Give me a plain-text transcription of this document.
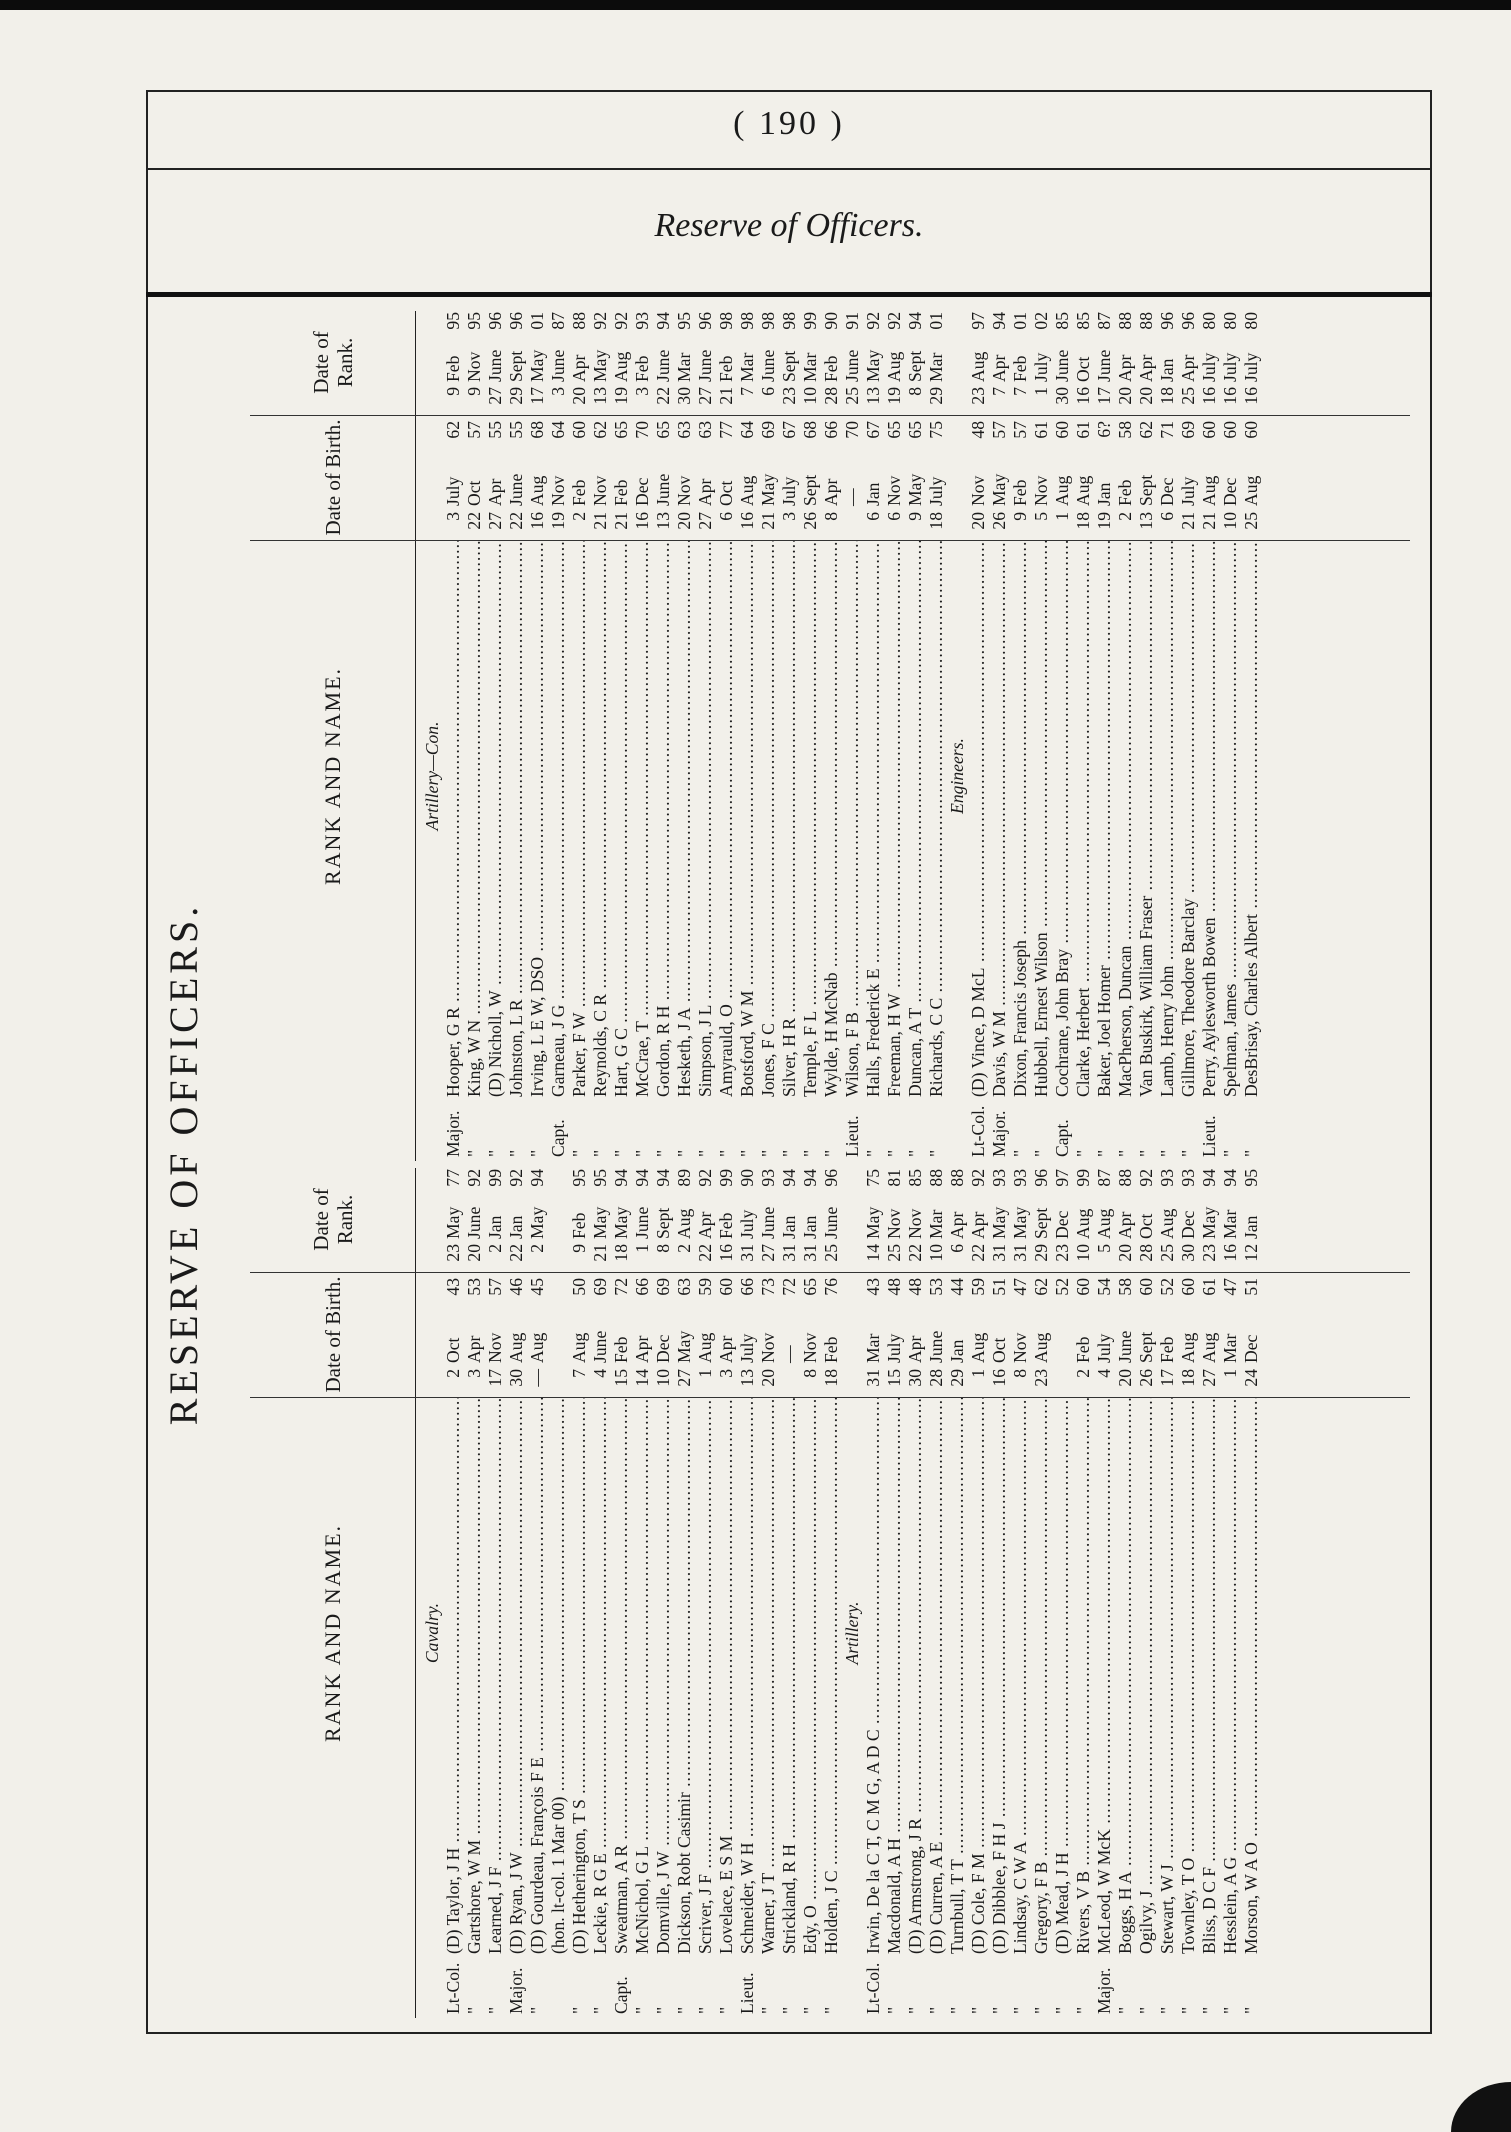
( 190 )
Reserve of Officers.
RESERVE OF OFFICERS.
RANK AND NAME.
Date of Birth.
Date of Rank.
Cavalry.
Lt-Col.
(D) Taylor, J H .....
2
Oct
43
23
May
77
"
Gartshore, W M .....
3
Apr
53
20
June
92
"
Learned, J F .....
17
Nov
57
2
Jan
99
Major.
(D) Ryan, J W .....
30
Aug
46
22
Jan
92
"
(D) Gourdeau, François F E .....
—
Aug
45
2
May
94
(hon. lt-col. 1 Mar 00) .....
"
(D) Hetherington, T S .....
7
Aug
50
9
Feb
95
"
Leckie, R G E .....
4
June
69
21
May
95
Capt.
Sweatman, A R .....
15
Feb
72
18
May
94
"
McNichol, G L .....
14
Apr
66
1
June
94
"
Domville, J W .....
10
Dec
69
8
Sept
94
"
Dickson, Robt Casimir .....
27
May
63
2
Aug
89
"
Scriver, J F .....
1
Aug
59
22
Apr
92
"
Lovelace, E S M .....
3
Apr
60
16
Feb
99
Lieut.
Schneider, W H .....
13
July
66
31
July
90
"
Warner, J T .....
20
Nov
73
27
June
93
"
Strickland, R H .....
—
72
31
Jan
94
"
Edy, O .....
8
Nov
65
31
Jan
94
"
Holden, J C .....
18
Feb
76
25
June
96
Artillery.
Lt-Col.
Irwin, De la C T, C M G, A D C .....
31
Mar
43
14
May
75
"
Macdonald, A H .....
15
July
48
25
Nov
81
"
(D) Armstrong, J R .....
30
Apr
48
22
Nov
85
"
(D) Curren, A E .....
28
June
53
10
Mar
88
"
Turnbull, T T .....
29
Jan
44
6
Apr
88
"
(D) Cole, F M .....
1
Aug
59
22
Apr
92
"
(D) Dibblee, F H J .....
16
Oct
51
31
May
93
"
Lindsay, C W A .....
8
Nov
47
31
May
93
"
Gregory, F B .....
23
Aug
62
29
Sept
96
"
(D) Mead, J H .....
52
23
Dec
97
"
Rivers, V B .....
2
Feb
60
10
Aug
99
Major.
McLeod, W McK .....
4
July
54
5
Aug
87
"
Boggs, H A .....
20
June
58
20
Apr
88
"
Ogilvy, J .....
26
Sept
60
28
Oct
92
"
Stewart, W J .....
17
Feb
52
25
Aug
93
"
Townley, T O .....
18
Aug
60
30
Dec
93
"
Bliss, D C F .....
27
Aug
61
23
May
94
"
Hesslein, A G .....
1
Mar
47
16
Mar
94
"
Morson, W A O .....
24
Dec
51
12
Jan
95
RANK AND NAME.
Date of Birth.
Date of Rank.
Artillery—Con.
Major.
Hooper, G R .....
3
July
62
9
Feb
95
"
King, W N .....
22
Oct
57
9
Nov
95
"
(D) Nicholl, W .....
27
Apr
55
27
June
96
"
Johnston, L R .....
22
June
55
29
Sept
96
"
Irving, L E W, DSO .....
16
Aug
68
17
May
01
Capt.
Garneau, J G .....
19
Nov
64
3
June
87
"
Parker, F W .....
2
Feb
60
20
Apr
88
"
Reynolds, C R .....
21
Nov
62
13
May
92
"
Hart, G C .....
21
Feb
65
19
Aug
92
"
McCrae, T .....
16
Dec
70
3
Feb
93
"
Gordon, R H .....
13
June
65
22
June
94
"
Hesketh, J A .....
20
Nov
63
30
Mar
95
"
Simpson, J L .....
27
Apr
63
27
June
96
"
Amyrauld, O .....
6
Oct
77
21
Feb
98
"
Botsford, W M .....
16
Aug
64
7
Mar
98
"
Jones, F C .....
21
May
69
6
June
98
"
Silver, H R .....
3
July
67
23
Sept
98
"
Temple, F L .....
26
Sept
68
10
Mar
99
"
Wylde, H McNab .....
8
Apr
66
28
Feb
90
Lieut.
Wilson, F B .....
—
70
25
June
91
"
Halls, Frederick E .....
6
Jan
67
13
May
92
"
Freeman, H W .....
6
Nov
65
19
Aug
92
"
Duncan, A T .....
9
May
65
8
Sept
94
"
Richards, C C .....
18
July
75
29
Mar
01
Engineers.
Lt-Col.
(D) Vince, D McL .....
20
Nov
48
23
Aug
97
Major.
Davis, W M .....
26
May
57
7
Apr
94
"
Dixon, Francis Joseph .....
9
Feb
57
7
Feb
01
"
Hubbell, Ernest Wilson .....
5
Nov
61
1
July
02
Capt.
Cochrane, John Bray .....
1
Aug
60
30
June
85
"
Clarke, Herbert .....
18
Aug
61
16
Oct
85
"
Baker, Joel Homer .....
19
Jan
6?
17
June
87
"
MacPherson, Duncan .....
2
Feb
58
20
Apr
88
"
Van Buskirk, William Fraser .....
13
Sept
62
20
Apr
88
"
Lamb, Henry John .....
6
Dec
71
18
Jan
96
"
Gillmore, Theodore Barclay .....
21
July
69
25
Apr
96
Lieut.
Perry, Aylesworth Bowen .....
21
Aug
60
16
July
80
"
Spelman, James .....
10
Dec
60
16
July
80
"
DesBrisay, Charles Albert .....
25
Aug
60
16
July
80
